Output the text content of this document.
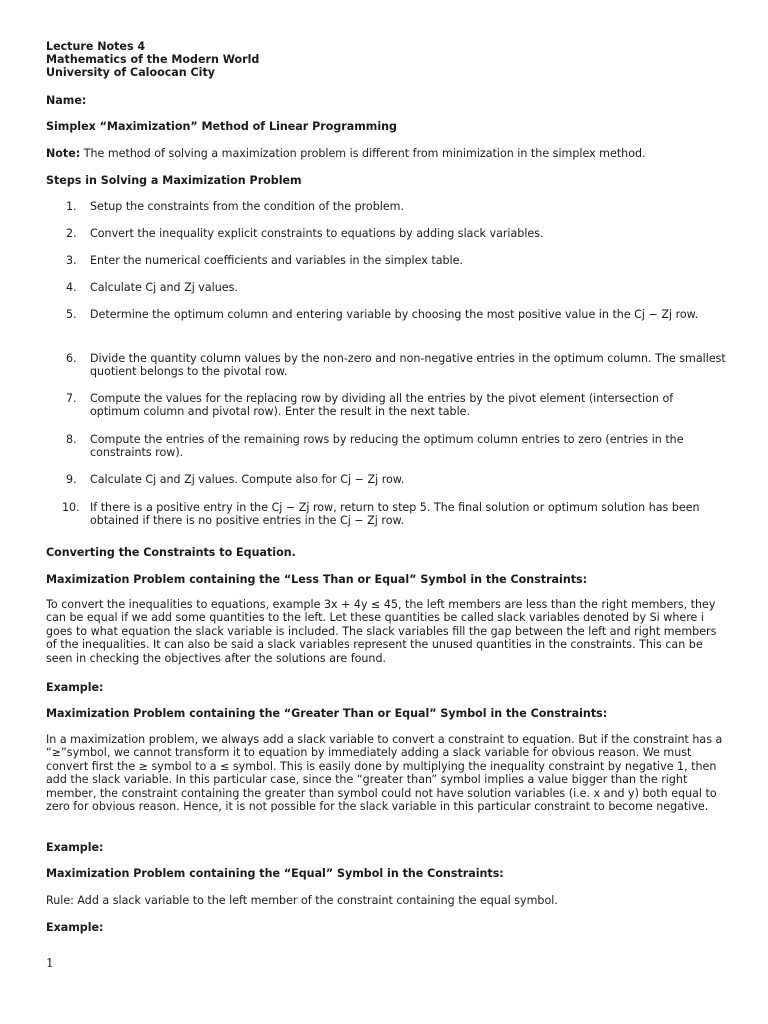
Lecture Notes 4
Mathematics of the Modern World
University of Caloocan City
Name:
Simplex “Maximization” Method of Linear Programming
Note: The method of solving a maximization problem is different from minimization in the simplex method.
Steps in Solving a Maximization Problem
1.	Setup the constraints from the condition of the problem.
2.	Convert the inequality explicit constraints to equations by adding slack variables.
3.	Enter the numerical coefficients and variables in the simplex table.
4.	Calculate Cj and Zj values.
5.	Determine the optimum column and entering variable by choosing the most positive value in the Cj − Zj row.
6.	Divide the quantity column values by the non-zero and non-negative entries in the optimum column. The smallest quotient belongs to the pivotal row.
7.	Compute the values for the replacing row by dividing all the entries by the pivot element (intersection of optimum column and pivotal row). Enter the result in the next table.
8.	Compute the entries of the remaining rows by reducing the optimum column entries to zero (entries in the constraints row).
9.	Calculate Cj and Zj values. Compute also for Cj − Zj row.
10. If there is a positive entry in the Cj − Zj row, return to step 5. The final solution or optimum solution has been obtained if there is no positive entries in the Cj − Zj row.
Converting the Constraints to Equation.
Maximization Problem containing the “Less Than or Equal” Symbol in the Constraints:

To convert the inequalities to equations, example 3x + 4y ≤ 45, the left members are less than the right members, they can be equal if we add some quantities to the left. Let these quantities be called slack variables denoted by Si where i goes to what equation the slack variable is included. The slack variables fill the gap between the left and right members of the inequalities. It can also be said a slack variables represent the unused quantities in the constraints. This can be seen in checking the objectives after the solutions are found.

Example:
Maximization Problem containing the “Greater Than or Equal” Symbol in the Constraints:

In a maximization problem, we always add a slack variable to convert a constraint to equation. But if the constraint has a “≥”symbol, we cannot transform it to equation by immediately adding a slack variable for obvious reason. We must convert first the ≥ symbol to a ≤ symbol. This is easily done by multiplying the inequality constraint by negative 1, then add the slack variable. In this particular case, since the “greater than” symbol implies a value bigger than the right member, the constraint containing the greater than symbol could not have solution variables (i.e. x and y) both equal to zero for obvious reason. Hence, it is not possible for the slack variable in this particular constraint to become negative.

Example:
Maximization Problem containing the “Equal” Symbol in the Constraints:

Rule: Add a slack variable to the left member of the constraint containing the equal symbol.

Example:
1
